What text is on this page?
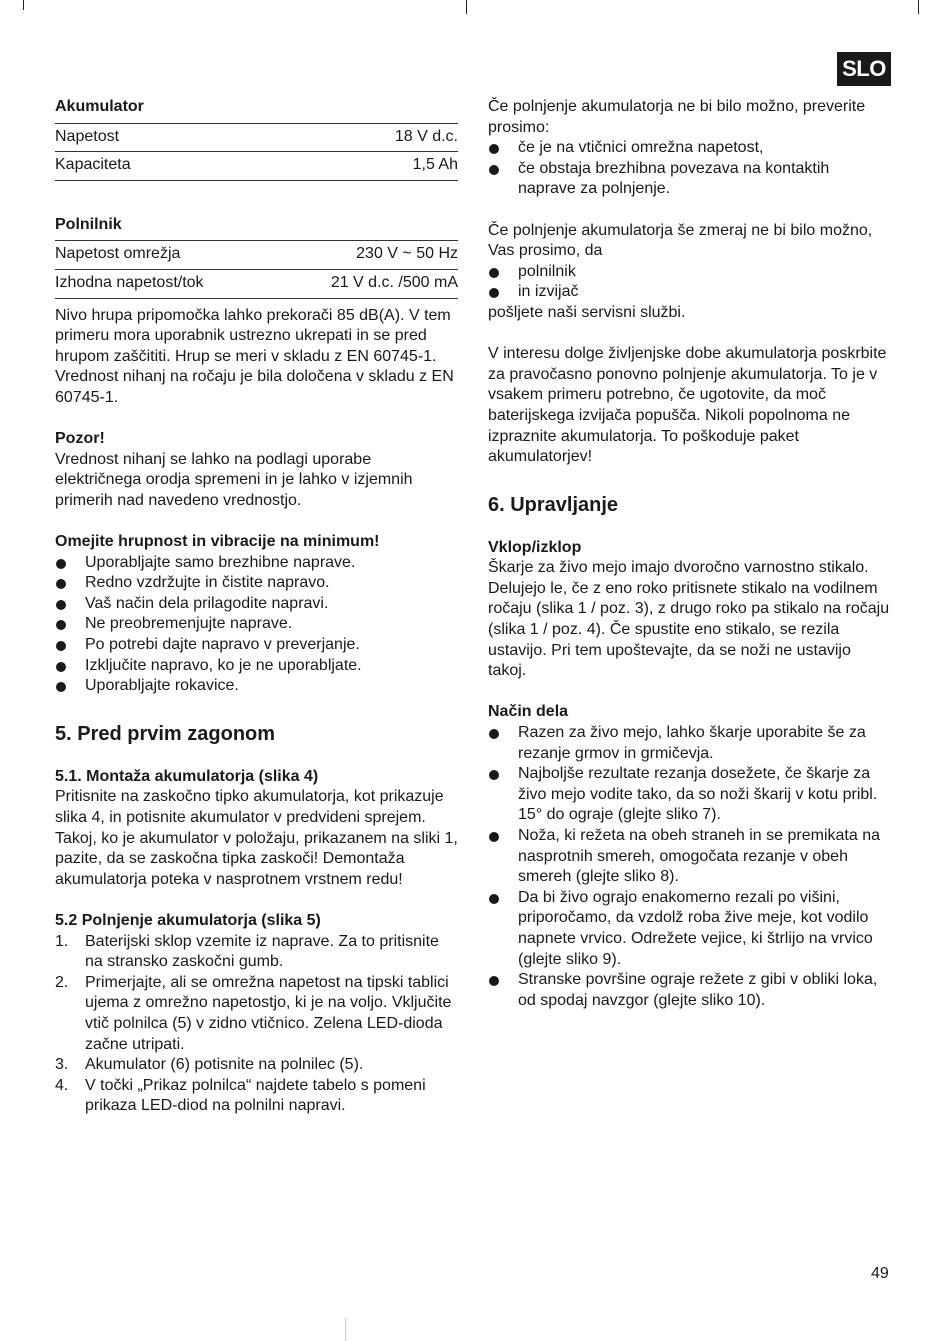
SLO
Akumulator
Napetost	18 V d.c.
Kapaciteta	1,5 Ah
Polnilnik
Napetost omrežja	230 V ~ 50 Hz
Izhodna napetost/tok	21 V d.c. /500 mA

Nivo hrupa pripomočka lahko prekorači 85 dB(A). V tem primeru mora uporabnik ustrezno ukrepati in se pred hrupom zaščititi. Hrup se meri v skladu z EN 60745-1. Vrednost nihanj na ročaju je bila določena v skladu z EN 60745-1.

Pozor!

Vrednost nihanj se lahko na podlagi uporabe električnega orodja spremeni in je lahko v izjemnih primerih nad navedeno vrednostjo.

Omejite hrupnost in vibracije na minimum!
Uporabljajte samo brezhibne naprave.
Redno vzdržujte in čistite napravo.
Vaš način dela prilagodite napravi.
Ne preobremenjujte naprave.
Po potrebi dajte napravo v preverjanje.
Izključite napravo, ko je ne uporabljate.
Uporabljajte rokavice.
5. Pred prvim zagonom
5.1. Montaža akumulatorja (slika 4)

Pritisnite na zaskočno tipko akumulatorja, kot prikazuje slika 4, in potisnite akumulator v predvideni sprejem. Takoj, ko je akumulator v položaju, prikazanem na sliki 1, pazite, da se zaskočna tipka zaskoči! Demontaža akumulatorja poteka v nasprotnem vrstnem redu!

5.2 Polnjenje akumulatorja (slika 5)
1. Baterijski sklop vzemite iz naprave. Za to pritisnite na stransko zaskočni gumb.
2. Primerjajte, ali se omrežna napetost na tipski tablici ujema z omrežno napetostjo, ki je na voljo. Vključite vtič polnilca (5) v zidno vtičnico. Zelena LED-dioda začne utripati.
3. Akumulator (6) potisnite na polnilec (5).
4. V točki „Prikaz polnilca“ najdete tabelo s pomeni prikaza LED-diod na polnilni napravi.
Če polnjenje akumulatorja ne bi bilo možno, preverite prosimo:
če je na vtičnici omrežna napetost,
če obstaja brezhibna povezava na kontaktih naprave za polnjenje.
Če polnjenje akumulatorja še zmeraj ne bi bilo možno, Vas prosimo, da
polnilnik
in izvijač

pošljete naši servisni službi.

V interesu dolge življenjske dobe akumulatorja poskrbite za pravočasno ponovno polnjenje akumulatorja. To je v vsakem primeru potrebno, če ugotovite, da moč baterijskega izvijača popušča. Nikoli popolnoma ne izpraznite akumulatorja. To poškoduje paket akumulatorjev!

6. Upravljanje
Vklop/izklop

Škarje za živo mejo imajo dvoročno varnostno stikalo. Delujejo le, če z eno roko pritisnete stikalo na vodilnem ročaju (slika 1 / poz. 3), z drugo roko pa stikalo na ročaju (slika 1 / poz. 4). Če spustite eno stikalo, se rezila ustavijo. Pri tem upoštevajte, da se noži ne ustavijo takoj.

Način dela
Razen za živo mejo, lahko škarje uporabite še za rezanje grmov in grmičevja.
Najboljše rezultate rezanja dosežete, če škarje za živo mejo vodite tako, da so noži škarij v kotu pribl. 15° do ograje (glejte sliko 7).
Noža, ki režeta na obeh straneh in se premikata na nasprotnih smereh, omogočata rezanje v obeh smereh (glejte sliko 8).
Da bi živo ograjo enakomerno rezali po višini, priporočamo, da vzdolž roba žive meje, kot vodilo napnete vrvico. Odrežete vejice, ki štrlijo na vrvico (glejte sliko 9).
Stranske površine ograje režete z gibi v obliki loka, od spodaj navzgor (glejte sliko 10).
49
